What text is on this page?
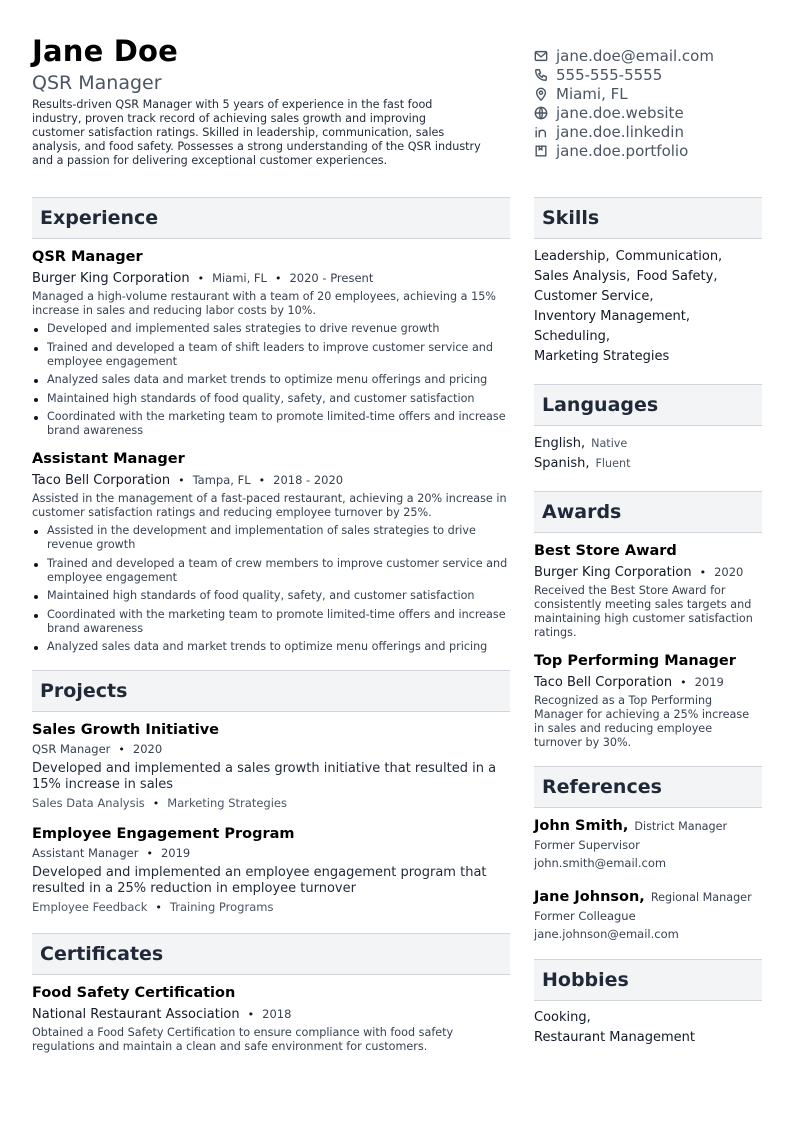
Jane Doe
QSR Manager
Results-driven QSR Manager with 5 years of experience in the fast food industry, proven track record of achieving sales growth and improving customer satisfaction ratings. Skilled in leadership, communication, sales analysis, and food safety. Possesses a strong understanding of the QSR industry and a passion for delivering exceptional customer experiences.
jane.doe@email.com
555-555-5555
Miami, FL
jane.doe.website
jane.doe.linkedin
jane.doe.portfolio
Experience
QSR Manager
Burger King Corporation • Miami, FL • 2020 - Present
Managed a high-volume restaurant with a team of 20 employees, achieving a 15% increase in sales and reducing labor costs by 10%.
Developed and implemented sales strategies to drive revenue growth
Trained and developed a team of shift leaders to improve customer service and employee engagement
Analyzed sales data and market trends to optimize menu offerings and pricing
Maintained high standards of food quality, safety, and customer satisfaction
Coordinated with the marketing team to promote limited-time offers and increase brand awareness
Assistant Manager
Taco Bell Corporation • Tampa, FL • 2018 - 2020
Assisted in the management of a fast-paced restaurant, achieving a 20% increase in customer satisfaction ratings and reducing employee turnover by 25%.
Assisted in the development and implementation of sales strategies to drive revenue growth
Trained and developed a team of crew members to improve customer service and employee engagement
Maintained high standards of food quality, safety, and customer satisfaction
Coordinated with the marketing team to promote limited-time offers and increase brand awareness
Analyzed sales data and market trends to optimize menu offerings and pricing
Projects
Sales Growth Initiative
QSR Manager • 2020
Developed and implemented a sales growth initiative that resulted in a 15% increase in sales
Sales Data Analysis • Marketing Strategies
Employee Engagement Program
Assistant Manager • 2019
Developed and implemented an employee engagement program that resulted in a 25% reduction in employee turnover
Employee Feedback • Training Programs
Certificates
Food Safety Certification
National Restaurant Association • 2018
Obtained a Food Safety Certification to ensure compliance with food safety regulations and maintain a clean and safe environment for customers.
Skills
Leadership, Communication,
Sales Analysis, Food Safety,
Customer Service,
Inventory Management,
Scheduling,
Marketing Strategies
Languages
English, Native
Spanish, Fluent
Awards
Best Store Award
Burger King Corporation • 2020
Received the Best Store Award for consistently meeting sales targets and maintaining high customer satisfaction ratings.
Top Performing Manager
Taco Bell Corporation • 2019
Recognized as a Top Performing Manager for achieving a 25% increase in sales and reducing employee turnover by 30%.
References
John Smith, District Manager
Former Supervisor
john.smith@email.com
Jane Johnson, Regional Manager
Former Colleague
jane.johnson@email.com
Hobbies
Cooking,
Restaurant Management
